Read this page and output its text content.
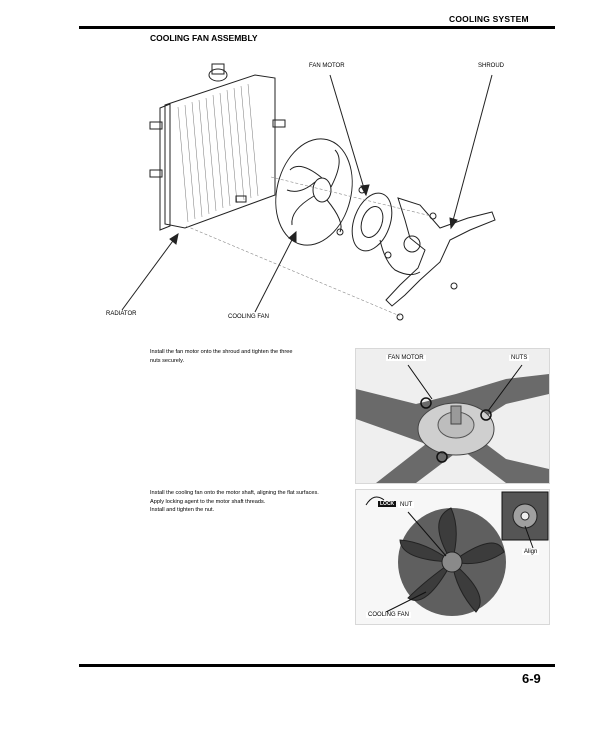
COOLING SYSTEM
COOLING FAN ASSEMBLY
FAN MOTOR	SHROUD
RADIATOR	COOLING FAN
Install the fan motor onto the shroud and tighten the three nuts securely.	FAN MOTOR	NUTS
Install the cooling fan onto the motor shaft, aligning the flat surfaces.
Apply locking agent to the motor shaft threads.
Install and tighten the nut.
LOCK NUT
Align
COOLING FAN
6-9
